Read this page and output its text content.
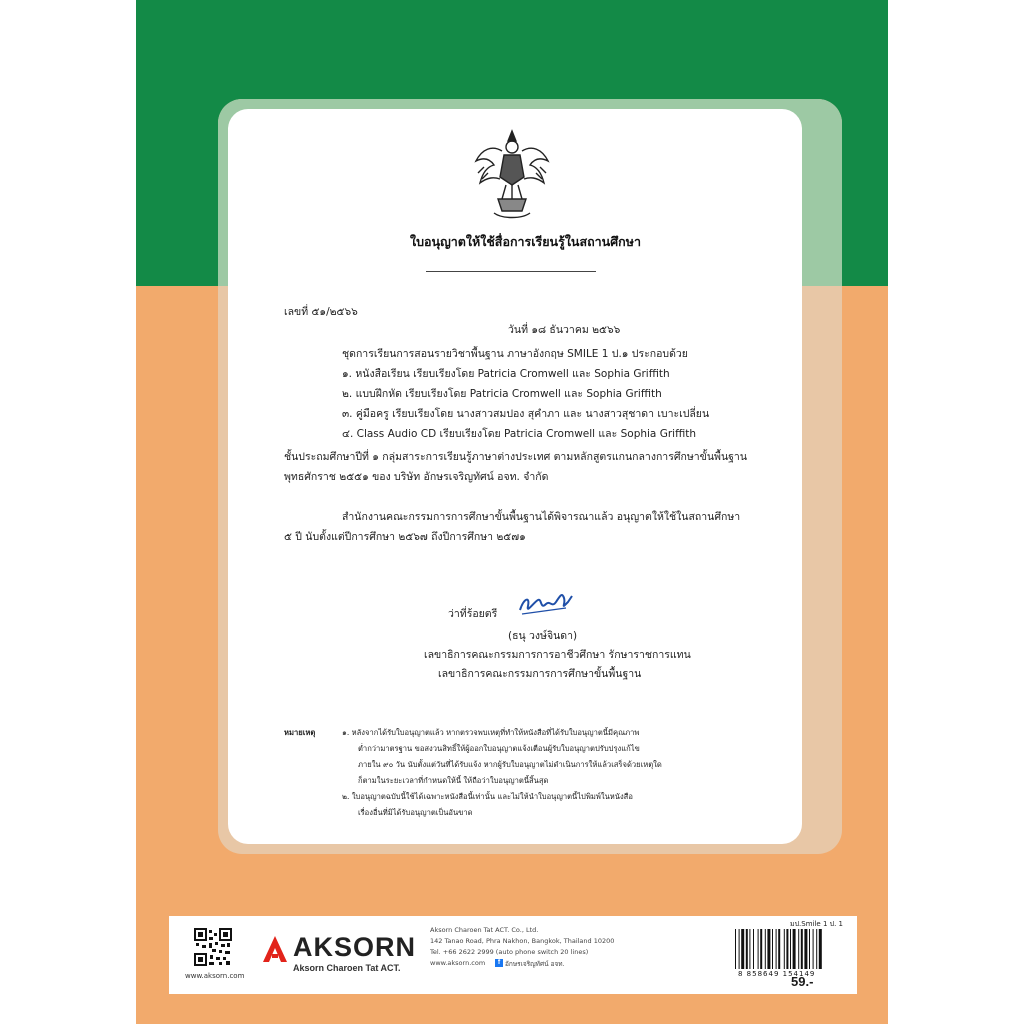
ใบอนุญาตให้ใช้สื่อการเรียนรู้ในสถานศึกษา
เลขที่ ๕๑/๒๕๖๖
วันที่ ๑๘ ธันวาคม ๒๕๖๖
ชุดการเรียนการสอนรายวิชาพื้นฐาน ภาษาอังกฤษ SMILE 1 ป.๑ ประกอบด้วย
๑. หนังสือเรียน เรียบเรียงโดย Patricia Cromwell และ Sophia Griffith
๒. แบบฝึกหัด เรียบเรียงโดย Patricia Cromwell และ Sophia Griffith
๓. คู่มือครู เรียบเรียงโดย นางสาวสมปอง สุคำภา และ นางสาวสุชาดา เบาะเปลี่ยน
๔. Class Audio CD เรียบเรียงโดย Patricia Cromwell และ Sophia Griffith
ชั้นประถมศึกษาปีที่ ๑ กลุ่มสาระการเรียนรู้ภาษาต่างประเทศ ตามหลักสูตรแกนกลางการศึกษาขั้นพื้นฐาน
พุทธศักราช ๒๕๕๑ ของ บริษัท อักษรเจริญทัศน์ อจท. จำกัด
สำนักงานคณะกรรมการการศึกษาขั้นพื้นฐานได้พิจารณาแล้ว อนุญาตให้ใช้ในสถานศึกษา
๕ ปี นับตั้งแต่ปีการศึกษา ๒๕๖๗ ถึงปีการศึกษา ๒๕๗๑
ว่าที่ร้อยตรี
(ธนุ วงษ์จินดา)
เลขาธิการคณะกรรมการการอาชีวศึกษา รักษาราชการแทน
เลขาธิการคณะกรรมการการศึกษาขั้นพื้นฐาน
หมายเหตุ	๑. หลังจากได้รับใบอนุญาตแล้ว หากตรวจพบเหตุที่ทำให้หนังสือที่ได้รับใบอนุญาตนี้มีคุณภาพ
ต่ำกว่ามาตรฐาน ขอสงวนสิทธิ์ให้ผู้ออกใบอนุญาตแจ้งเตือนผู้รับใบอนุญาตปรับปรุงแก้ไข
ภายใน ๙๐ วัน นับตั้งแต่วันที่ได้รับแจ้ง หากผู้รับใบอนุญาตไม่ดำเนินการให้แล้วเสร็จด้วยเหตุใด
ก็ตามในระยะเวลาที่กำหนดให้นี้ ให้ถือว่าใบอนุญาตนี้สิ้นสุด
๒. ใบอนุญาตฉบับนี้ใช้ได้เฉพาะหนังสือนี้เท่านั้น และไม่ให้นำใบอนุญาตนี้ไปพิมพ์ในหนังสือ
เรื่องอื่นที่มิได้รับอนุญาตเป็นอันขาด
www.aksorn.com
AKSORN
Aksorn Charoen Tat ACT.
Aksorn Charoen Tat ACT. Co., Ltd.
142 Tanao Road, Phra Nakhon, Bangkok, Thailand 10200
Tel. +66 2622 2999 (auto phone switch 20 lines)
www.aksorn.com	f อักษรเจริญทัศน์ อจท.
มป.Smile 1 ป. 1
8 858649 154149
59.-
